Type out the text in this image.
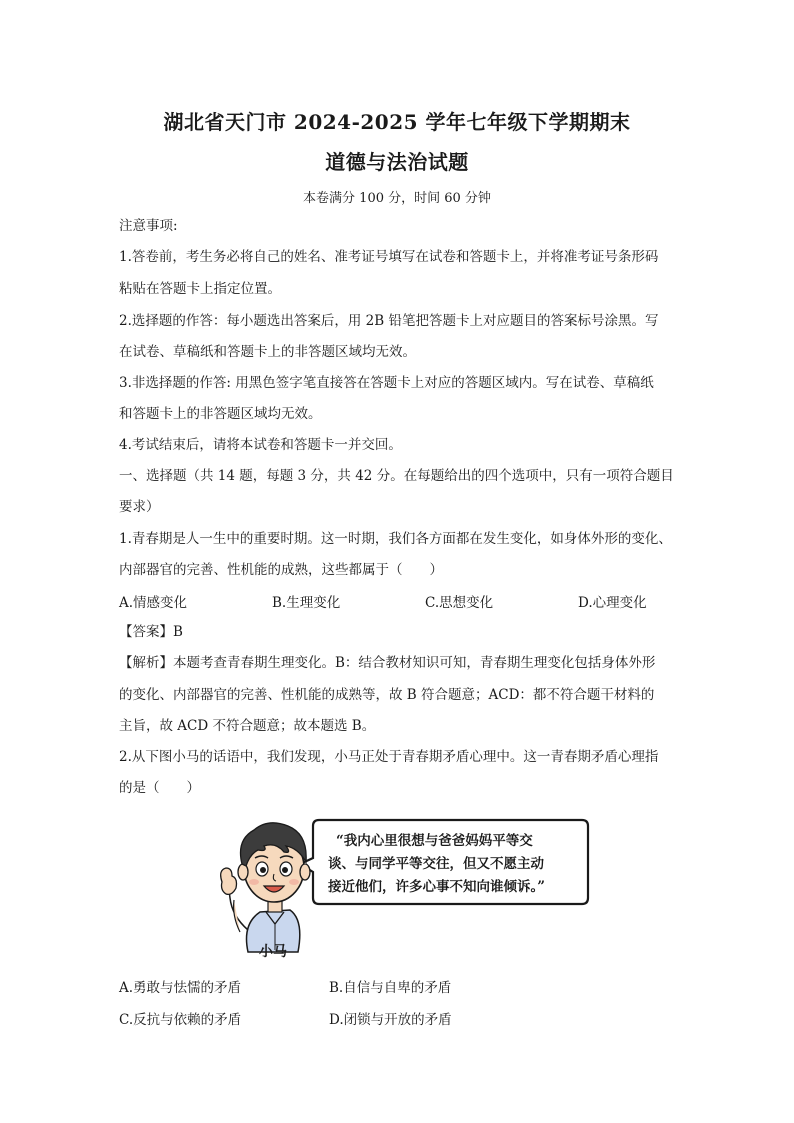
湖北省天门市 2024-2025 学年七年级下学期期末
道德与法治试题
本卷满分 100 分，时间 60 分钟
注意事项:
1.答卷前，考生务必将自己的姓名、准考证号填写在试卷和答题卡上，并将准考证号条形码
粘贴在答题卡上指定位置。
2.选择题的作答：每小题选出答案后，用 2B 铅笔把答题卡上对应题目的答案标号涂黑。写
在试卷、草稿纸和答题卡上的非答题区域均无效。
3.非选择题的作答: 用黑色签字笔直接答在答题卡上对应的答题区域内。写在试卷、草稿纸
和答题卡上的非答题区域均无效。
4.考试结束后，请将本试卷和答题卡一并交回。
一、选择题（共 14 题，每题 3 分，共 42 分。在每题给出的四个选项中，只有一项符合题目
要求）
1.青春期是人一生中的重要时期。这一时期，我们各方面都在发生变化，如身体外形的变化、
内部器官的完善、性机能的成熟，这些都属于（　　）
A.情感变化	B.生理变化	C.思想变化	D.心理变化
【答案】B
【解析】本题考查青春期生理变化。B：结合教材知识可知，青春期生理变化包括身体外形
的变化、内部器官的完善、性机能的成熟等，故 B 符合题意；ACD：都不符合题干材料的
主旨，故 ACD 不符合题意；故本题选 B。
2.从下图小马的话语中，我们发现，小马正处于青春期矛盾心理中。这一青春期矛盾心理指
的是（　　）
“我内心里很想与爸爸妈妈平等交
谈、与同学平等交往，但又不愿主动
接近他们，许多心事不知向谁倾诉。”
小马
A.勇敢与怯懦的矛盾	B.自信与自卑的矛盾
C.反抗与依赖的矛盾	D.闭锁与开放的矛盾
